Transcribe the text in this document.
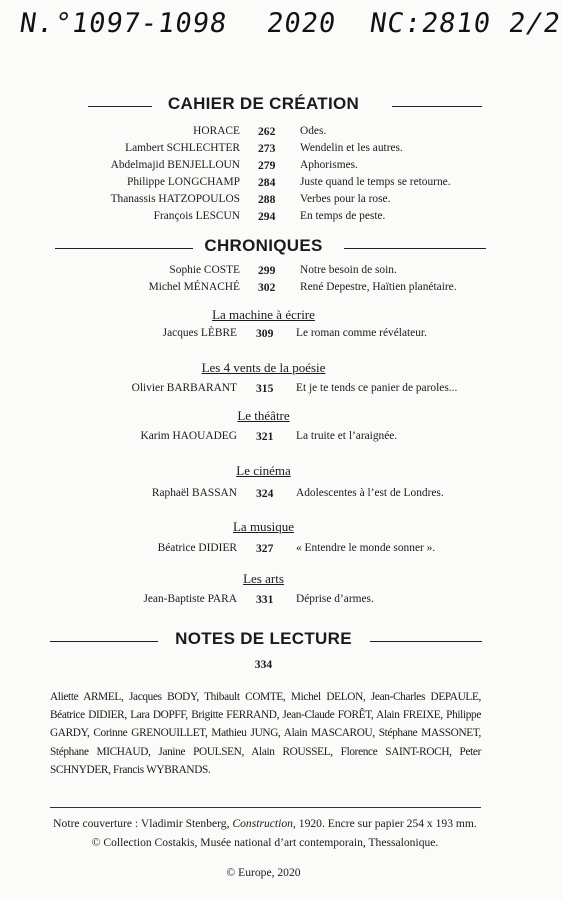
N.°1097-1098 2020 NC:2810 2/2
CAHIER DE CRÉATION
HORACE 262 Odes.
Lambert SCHLECHTER 273 Wendelin et les autres.
Abdelmajid BENJELLOUN 279 Aphorismes.
Philippe LONGCHAMP 284 Juste quand le temps se retourne.
Thanassis HATZOPOULOS 288 Verbes pour la rose.
François LESCUN 294 En temps de peste.
CHRONIQUES
Sophie COSTE 299 Notre besoin de soin.
Michel MÉNACHÉ 302 René Depestre, Haïtien planétaire.
La machine à écrire
Jacques LÈBRE 309 Le roman comme révélateur.
Les 4 vents de la poésie
Olivier BARBARANT 315 Et je te tends ce panier de paroles...
Le théâtre
Karim HAOUADEG 321 La truite et l’araignée.
Le cinéma
Raphaël BASSAN 324 Adolescentes à l’est de Londres.
La musique
Béatrice DIDIER 327 « Entendre le monde sonner ».
Les arts
Jean-Baptiste PARA 331 Déprise d’armes.
NOTES DE LECTURE
334
Aliette ARMEL, Jacques BODY, Thibault COMTE, Michel DELON, Jean-Charles DEPAULE, Béatrice DIDIER, Lara DOPFF, Brigitte FERRAND, Jean-Claude FORÊT, Alain FREIXE, Philippe GARDY, Corinne GRENOUILLET, Mathieu JUNG, Alain MASCAROU, Stéphane MASSONET, Stéphane MICHAUD, Janine POULSEN, Alain ROUSSEL, Florence SAINT-ROCH, Peter SCHNYDER, Francis WYBRANDS.
Notre couverture : Vladimir Stenberg, Construction, 1920. Encre sur papier 254 x 193 mm.
© Collection Costakis, Musée national d’art contemporain, Thessalonique.
© Europe, 2020
